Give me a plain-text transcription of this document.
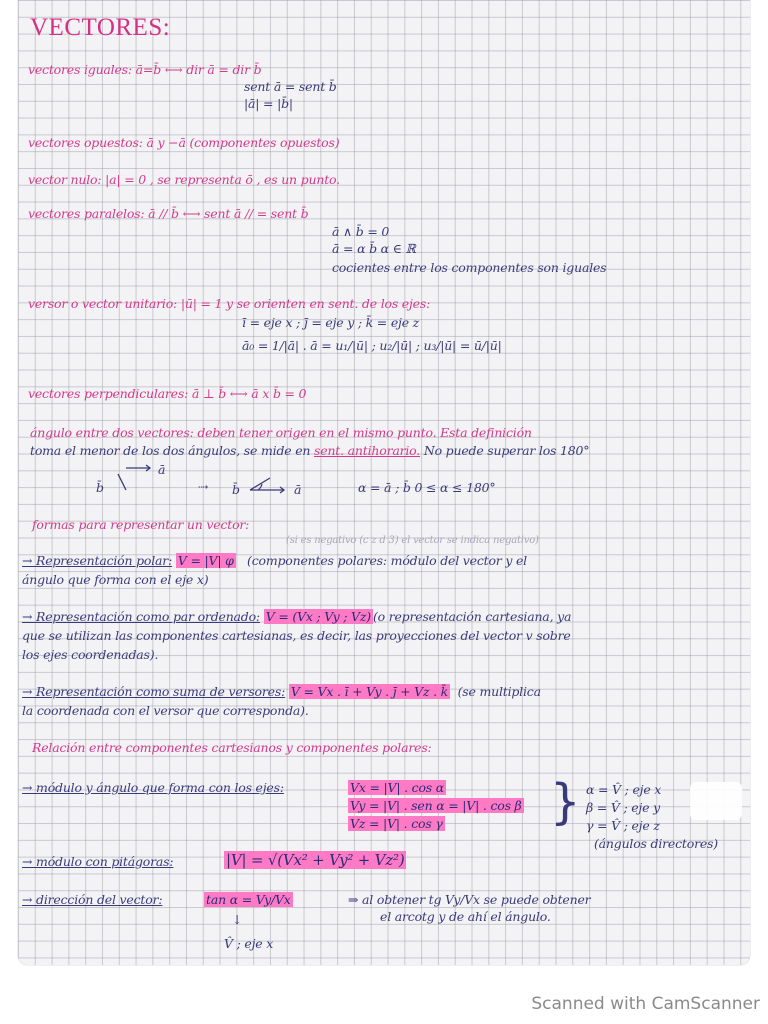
VECTORES:
vectores iguales: ā=b̄ ⟷ dir ā = dir b̄
sent ā = sent b̄
|ā| = |b̄|
vectores opuestos: ā y −ā (componentes opuestos)
vector nulo: |a| = 0 , se representa ō , es un punto.
vectores paralelos: ā // b̄ ⟷ sent ā // = sent b̄
ā ∧ b̄ = 0
ā = α b̄ α ∈ ℝ
cocientes entre los componentes son iguales
versor o vector unitario: |ū| = 1 y se orienten en sent. de los ejes:
ī = eje x ; j̄ = eje y ; k̄ = eje z
ā₀ = 1/|ā| . ā = u₁/|ū| ; u₂/|ū| ; u₃/|ū| = ū/|ū|
vectores perpendiculares: ā ⊥ b̄ ⟷ ā x b̄ = 0
ángulo entre dos vectores: deben tener origen en el mismo punto. Esta definición
toma el menor de los dos ángulos, se mide en sent. antihorario. No puede superar los 180°
b̄
ā
⇢ b̄	ā	α = ā ; b̄ 0 ≤ α ≤ 180°
formas para representar un vector:
(si es negativo (c z d 3) el vector se indica negativo)
→ Representación polar: V = |V| φ (componentes polares: módulo del vector y el
ángulo que forma con el eje x)
→ Representación como par ordenado: V = (Vx ; Vy ; Vz) (o representación cartesiana, ya
que se utilizan las componentes cartesianas, es decir, las proyecciones del vector v sobre
los ejes coordenadas).
→ Representación como suma de versores: V = Vx . ī + Vy . j̄ + Vz . k̄ (se multiplica
la coordenada con el versor que corresponda).
Relación entre componentes cartesianos y componentes polares:
→ módulo y ángulo que forma con los ejes:	Vx = |V| . cos α
Vy = |V| . sen α = |V| . cos β
Vz = |V| . cos γ } α = V̂ ; eje x
β = V̂ ; eje y
γ = V̂ ; eje z
(ángulos directores)
→ módulo con pitágoras:	|V| = √(Vx² + Vy² + Vz²)
→ dirección del vector:	tan α = Vy/Vx	⇒ al obtener tg Vy/Vx se puede obtener
el arcotg y de ahí el ángulo.
↓
V̂ ; eje x
Scanned with CamScanner
